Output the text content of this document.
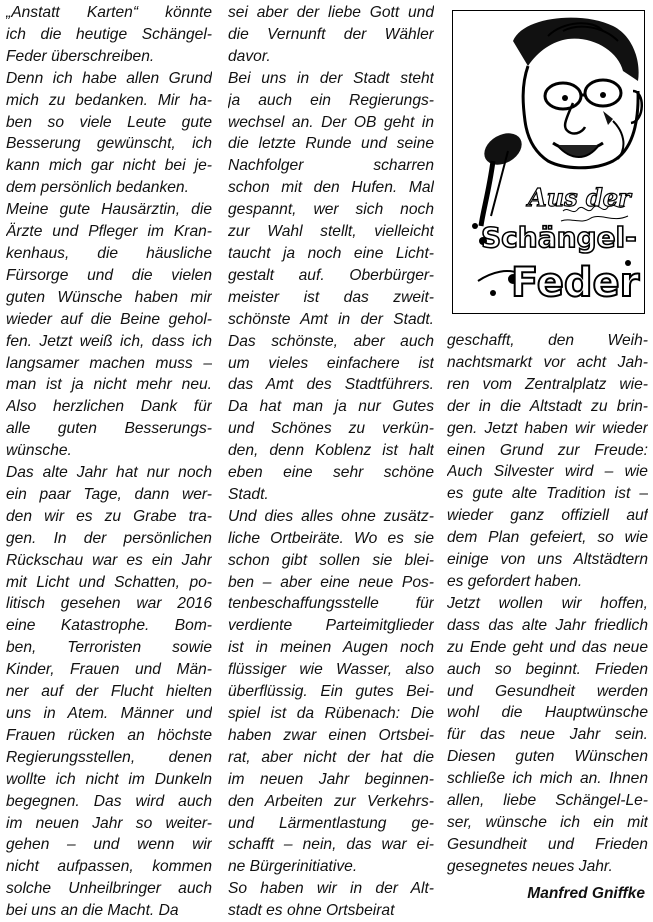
„Anstatt Karten“ könnte
ich die heutige Schängel-
Feder überschreiben.
Denn ich habe allen Grund
mich zu bedanken. Mir ha-
ben so viele Leute gute
Besserung gewünscht, ich
kann mich gar nicht bei je-
dem persönlich bedanken.
Meine gute Hausärztin, die
Ärzte und Pfleger im Kran-
kenhaus, die häusliche
Fürsorge und die vielen
guten Wünsche haben mir
wieder auf die Beine gehol-
fen. Jetzt weiß ich, dass ich
langsamer machen muss –
man ist ja nicht mehr neu.
Also herzlichen Dank für
alle guten Besserungs-
wünsche.
Das alte Jahr hat nur noch
ein paar Tage, dann wer-
den wir es zu Grabe tra-
gen. In der persönlichen
Rückschau war es ein Jahr
mit Licht und Schatten, po-
litisch gesehen war 2016
eine Katastrophe. Bom-
ben, Terroristen sowie
Kinder, Frauen und Män-
ner auf der Flucht hielten
uns in Atem. Männer und
Frauen rücken an höchste
Regierungsstellen, denen
wollte ich nicht im Dunkeln
begegnen. Das wird auch
im neuen Jahr so weiter-
gehen – und wenn wir
nicht aufpassen, kommen
solche Unheilbringer auch
bei uns an die Macht. Da
sei aber der liebe Gott und
die Vernunft der Wähler
davor.
Bei uns in der Stadt steht
ja auch ein Regierungs-
wechsel an. Der OB geht in
die letzte Runde und seine
Nachfolger scharren
schon mit den Hufen. Mal
gespannt, wer sich noch
zur Wahl stellt, vielleicht
taucht ja noch eine Licht-
gestalt auf. Oberbürger-
meister ist das zweit-
schönste Amt in der Stadt.
Das schönste, aber auch
um vieles einfachere ist
das Amt des Stadtführers.
Da hat man ja nur Gutes
und Schönes zu verkün-
den, denn Koblenz ist halt
eben eine sehr schöne
Stadt.
Und dies alles ohne zusätz-
liche Ortbeiräte. Wo es sie
schon gibt sollen sie blei-
ben – aber eine neue Pos-
tenbeschaffungsstelle für
verdiente Parteimitglieder
ist in meinen Augen noch
flüssiger wie Wasser, also
überflüssig. Ein gutes Bei-
spiel ist da Rübenach: Die
haben zwar einen Ortsbei-
rat, aber nicht der hat die
im neuen Jahr beginnen-
den Arbeiten zur Verkehrs-
und Lärmentlastung ge-
schafft – nein, das war ei-
ne Bürgerinitiative.
So haben wir in der Alt-
stadt es ohne Ortsbeirat
Aus der
Schängel-
Feder
geschafft, den Weih-
nachtsmarkt vor acht Jah-
ren vom Zentralplatz wie-
der in die Altstadt zu brin-
gen. Jetzt haben wir wieder
einen Grund zur Freude:
Auch Silvester wird – wie
es gute alte Tradition ist –
wieder ganz offiziell auf
dem Plan gefeiert, so wie
einige von uns Altstädtern
es gefordert haben.
Jetzt wollen wir hoffen,
dass das alte Jahr friedlich
zu Ende geht und das neue
auch so beginnt. Frieden
und Gesundheit werden
wohl die Hauptwünsche
für das neue Jahr sein.
Diesen guten Wünschen
schließe ich mich an. Ihnen
allen, liebe Schängel-Le-
ser, wünsche ich ein mit
Gesundheit und Frieden
gesegnetes neues Jahr.
Manfred Gniffke
